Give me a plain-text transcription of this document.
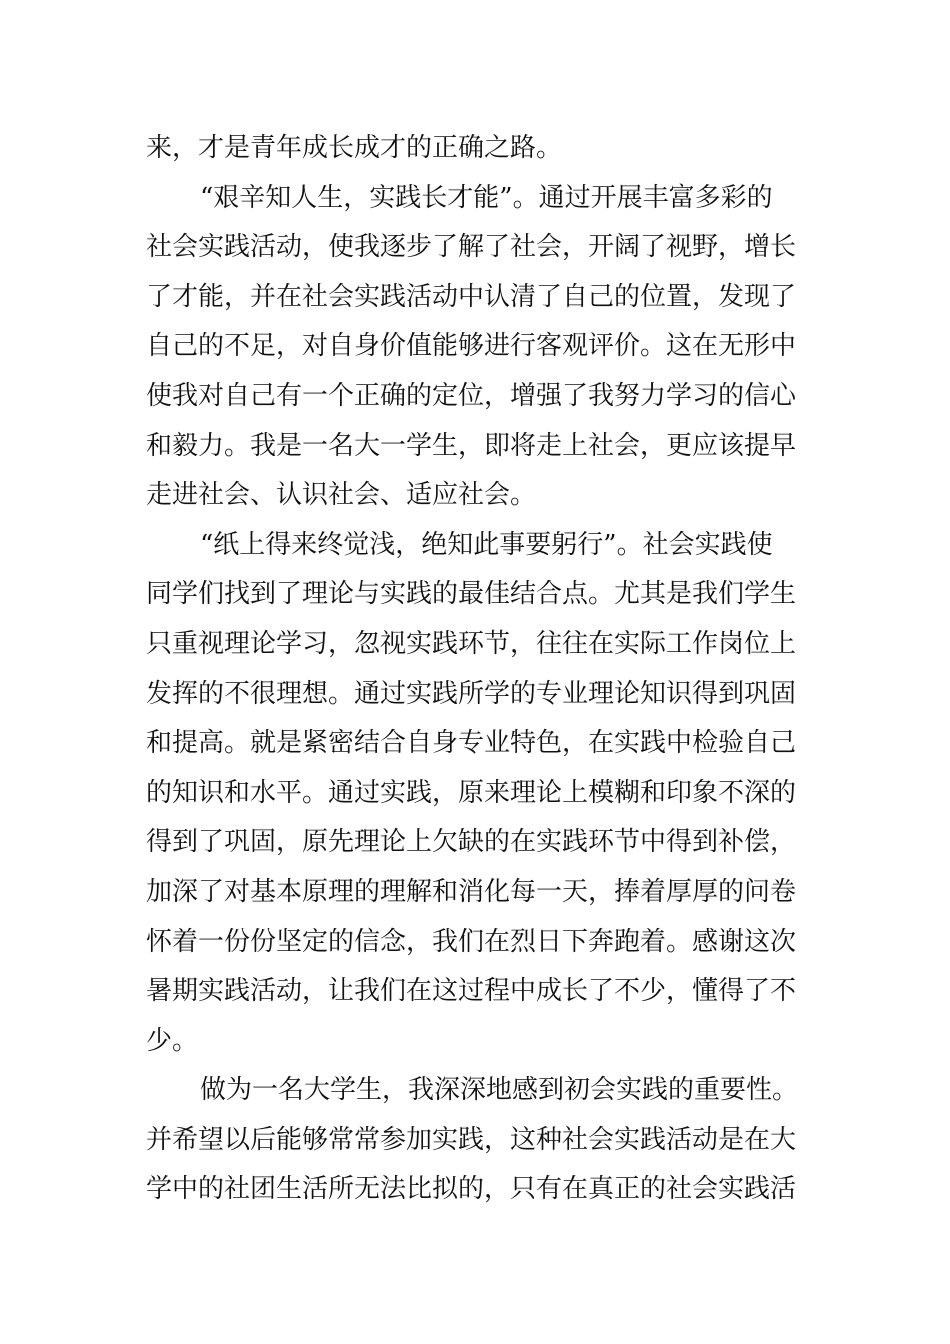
来，才是青年成长成才的正确之路。

“艰辛知人生，实践长才能”。通过开展丰富多彩的
社会实践活动，使我逐步了解了社会，开阔了视野，增长
了才能，并在社会实践活动中认清了自己的位置，发现了
自己的不足，对自身价值能够进行客观评价。这在无形中
使我对自己有一个正确的定位，增强了我努力学习的信心
和毅力。我是一名大一学生，即将走上社会，更应该提早
走进社会、认识社会、适应社会。

“纸上得来终觉浅，绝知此事要躬行”。社会实践使
同学们找到了理论与实践的最佳结合点。尤其是我们学生
只重视理论学习，忽视实践环节，往往在实际工作岗位上
发挥的不很理想。通过实践所学的专业理论知识得到巩固
和提高。就是紧密结合自身专业特色，在实践中检验自己
的知识和水平。通过实践，原来理论上模糊和印象不深的
得到了巩固，原先理论上欠缺的在实践环节中得到补偿，
加深了对基本原理的理解和消化每一天，捧着厚厚的问卷
怀着一份份坚定的信念，我们在烈日下奔跑着。感谢这次
暑期实践活动，让我们在这过程中成长了不少，懂得了不
少。

做为一名大学生，我深深地感到初会实践的重要性。
并希望以后能够常常参加实践，这种社会实践活动是在大
学中的社团生活所无法比拟的，只有在真正的社会实践活
